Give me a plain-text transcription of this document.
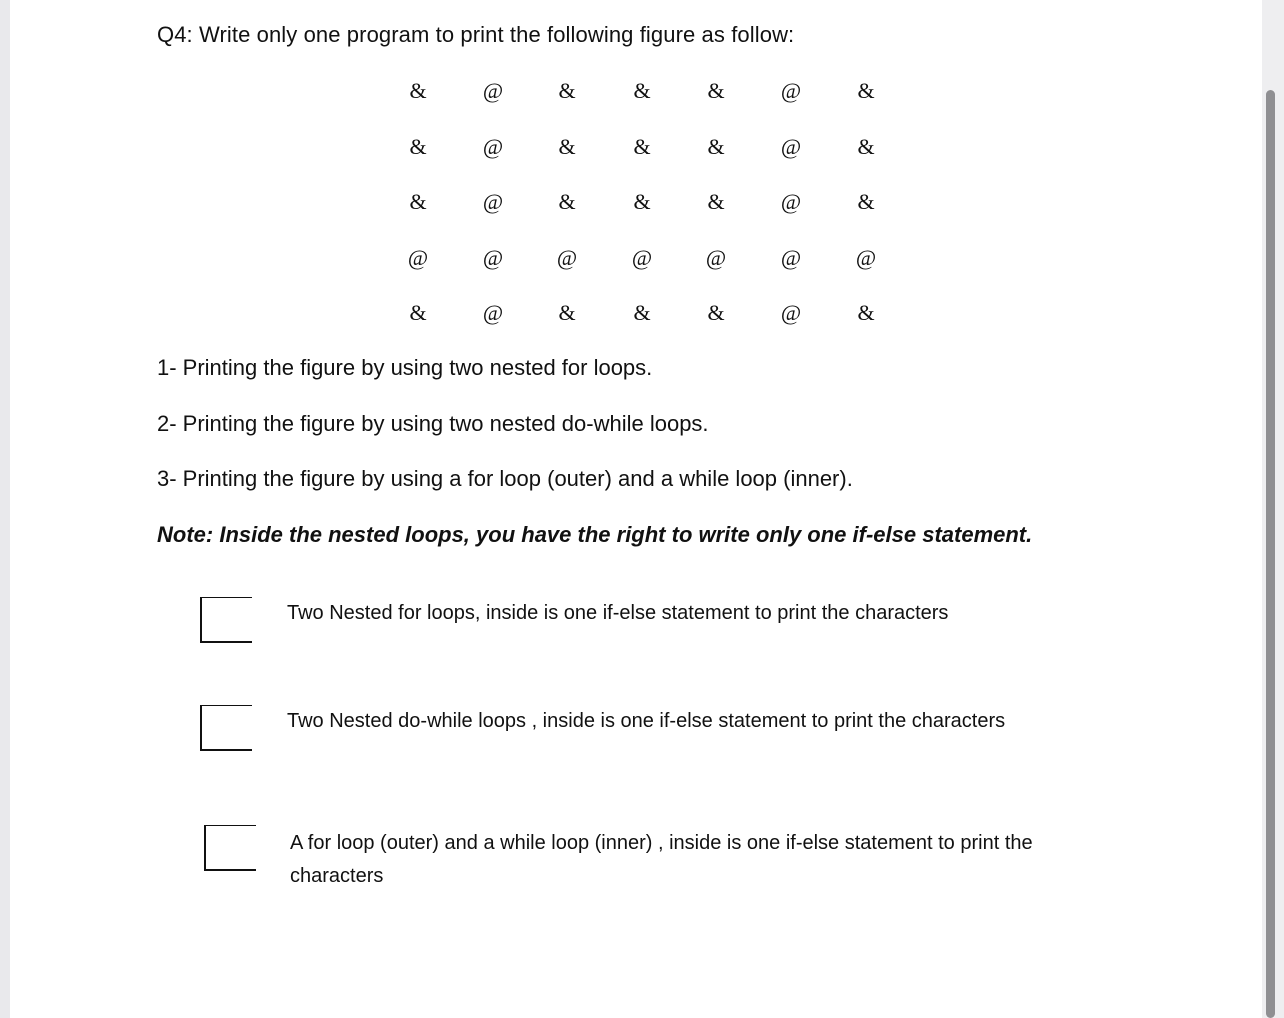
Q4: Write only one program to print the following figure as follow:
&	@	&	&	&	@	&
&	@	&	&	&	@	&
&	@	&	&	&	@	&
@	@	@	@	@	@	@
&	@	&	&	&	@	&
1- Printing the figure by using two nested for loops.
2- Printing the figure by using two nested do-while loops.
3- Printing the figure by using a for loop (outer) and a while loop (inner).
Note: Inside the nested loops, you have the right to write only one if-else statement.
Two Nested for loops, inside is one if-else statement to print the characters
Two Nested do-while loops , inside is one if-else statement to print the characters
A for loop (outer) and a while loop (inner) , inside is one if-else statement to print the
characters
